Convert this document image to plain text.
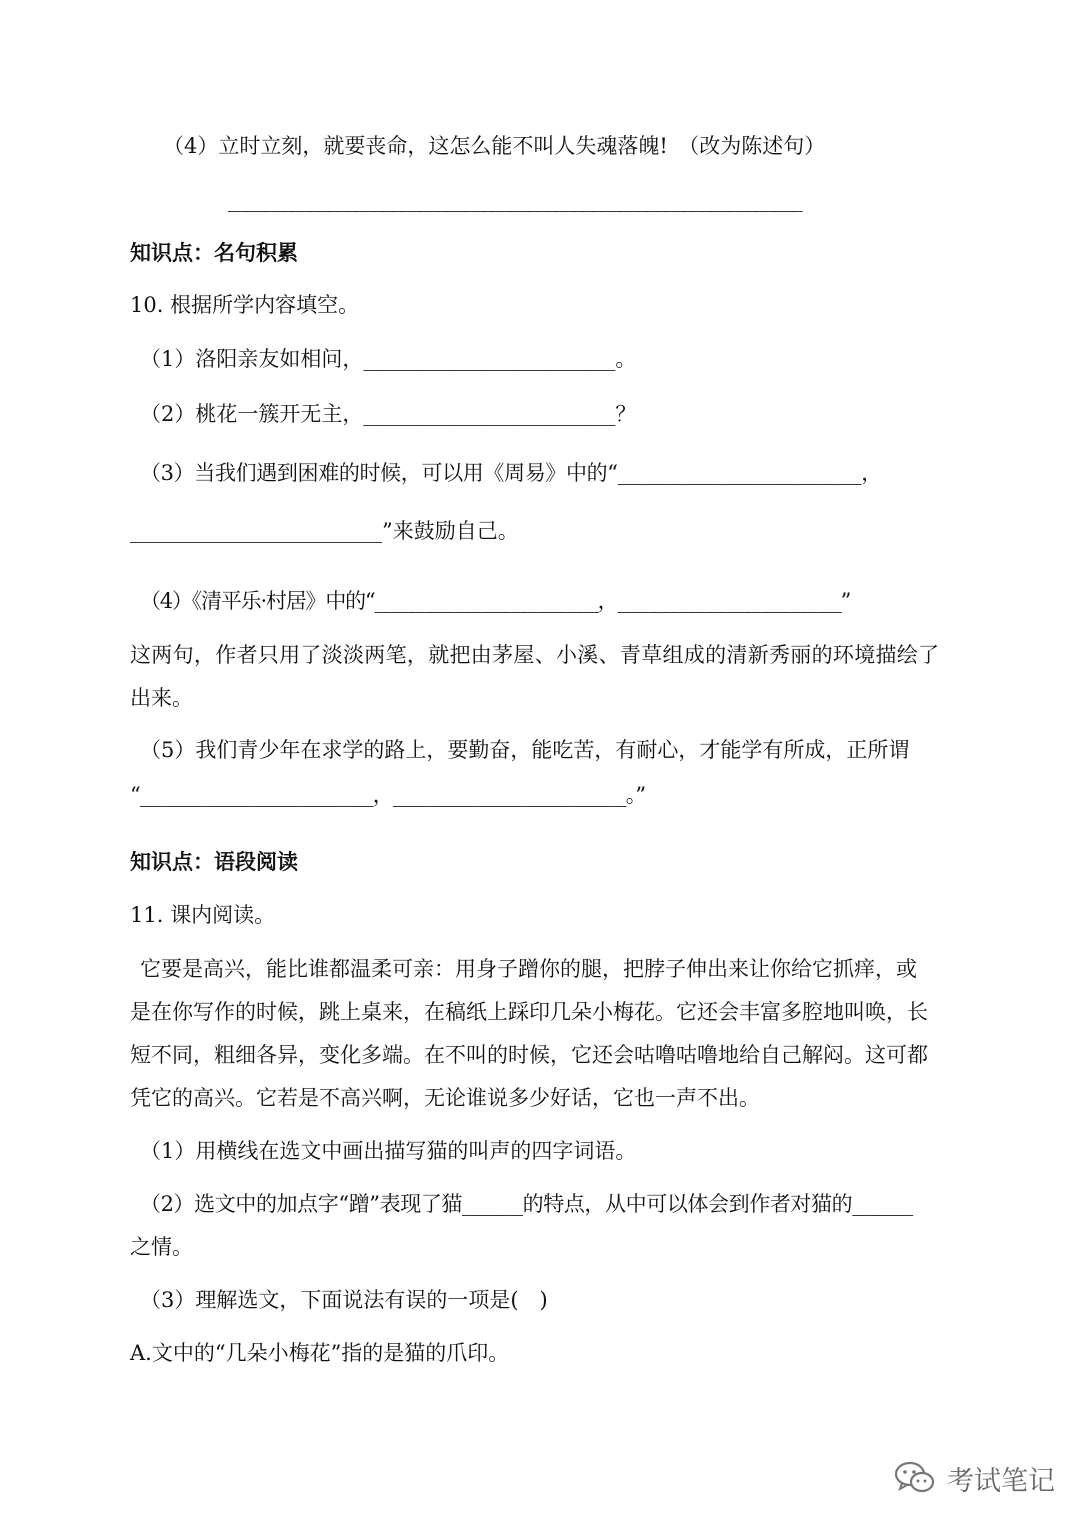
（4）立时立刻，就要丧命，这怎么能不叫人失魂落魄!　（改为陈述句）

_______________________________________________________________

知识点：名句积累

10. 根据所学内容填空。

（1）洛阳亲友如相问，________________________。

（2）桃花一簇开无主，________________________？

（3）当我们遇到困难的时候，可以用《周易》中的“________________________，

________________________”来鼓励自己。

（4）《清平乐·村居》中的“________________________，________________________”

这两句，作者只用了淡淡两笔，就把由茅屋、小溪、青草组成的清新秀丽的环境描绘了

出来。

（5）我们青少年在求学的路上，要勤奋，能吃苦，有耐心，才能学有所成，正所谓

“________________________，________________________。”

知识点：语段阅读

11. 课内阅读。

它要是高兴，能比谁都温柔可亲：用身子蹭你的腿，把脖子伸出来让你给它抓痒，或

是在你写作的时候，跳上桌来，在稿纸上踩印几朵小梅花。它还会丰富多腔地叫唤，长

短不同，粗细各异，变化多端。在不叫的时候，它还会咕噜咕噜地给自己解闷。这可都

凭它的高兴。它若是不高兴啊，无论谁说多少好话，它也一声不出。

（1）用横线在选文中画出描写猫的叫声的四字词语。

（2）选文中的加点字“蹭”表现了猫______的特点，从中可以体会到作者对猫的______

之情。

（3）理解选文，下面说法有误的一项是(　)

A.文中的“几朵小梅花”指的是猫的爪印。

考试笔记
